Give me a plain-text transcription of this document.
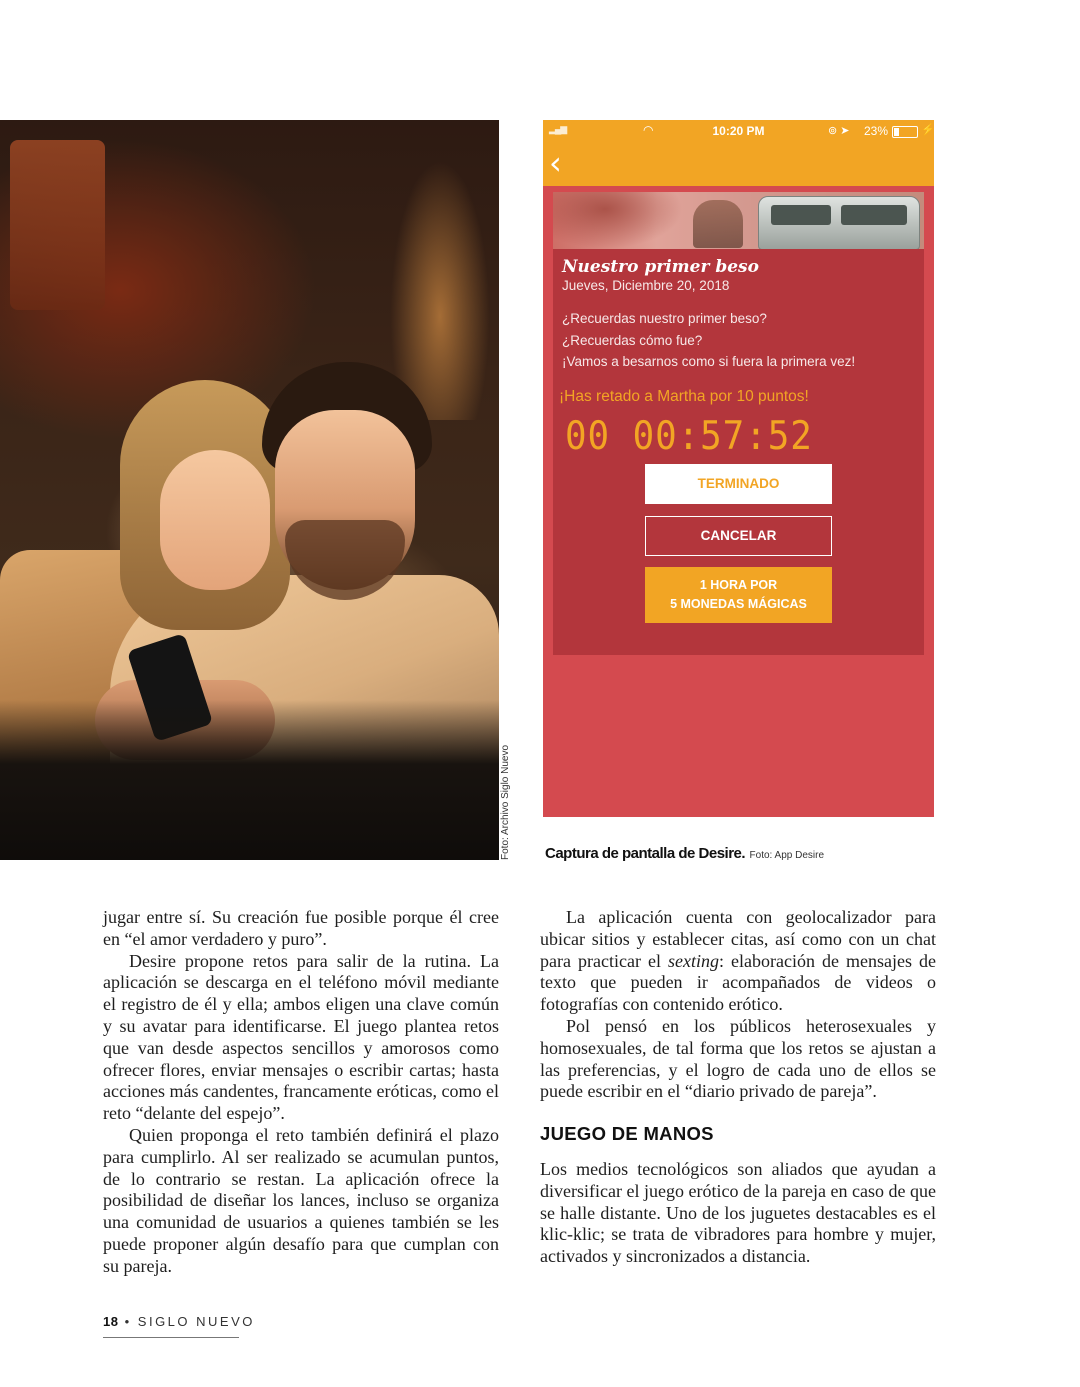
Foto: Archivo Siglo Nuevo
▂▄▆	◠	10:20 PM	⊚ ➤ 23%	⚡
‹
Nuestro primer beso
Jueves, Diciembre 20, 2018
¿Recuerdas nuestro primer beso?
¿Recuerdas cómo fue?
¡Vamos a besarnos como si fuera la primera vez!
¡Has retado a Martha por 10 puntos!
00 00:57:52
TERMINADO
CANCELAR
1 HORA POR
5 MONEDAS MÁGICAS
Captura de pantalla de Desire. Foto: App Desire

jugar entre sí. Su creación fue posible porque él cree en “el amor verdadero y puro”.

Desire propone retos para salir de la rutina. La aplicación se descarga en el teléfono móvil mediante el registro de él y ella; ambos eligen una clave común y su avatar para identificarse. El juego plantea retos que van desde aspectos sencillos y amorosos como ofrecer flores, enviar mensajes o escribir cartas; hasta acciones más candentes, francamente eróticas, como el reto “delante del espejo”.

Quien proponga el reto también definirá el plazo para cumplirlo. Al ser realizado se acumulan puntos, de lo contrario se restan. La aplicación ofrece la posibilidad de diseñar los lances, incluso se organiza una comunidad de usuarios a quienes también se les puede proponer algún desafío para que cumplan con su pareja.

La aplicación cuenta con geolocalizador para ubicar sitios y establecer citas, así como con un chat para practicar el sexting: elaboración de mensajes de texto que pueden ir acompañados de videos o fotografías con contenido erótico.

Pol pensó en los públicos heterosexuales y homosexuales, de tal forma que los retos se ajustan a las preferencias, y el logro de cada uno de ellos se puede escribir en el “diario privado de pareja”.

JUEGO DE MANOS

Los medios tecnológicos son aliados que ayudan a diversificar el juego erótico de la pareja en caso de que se halle distante. Uno de los juguetes destacables es el klic-klic; se trata de vibradores para hombre y mujer, activados y sincronizados a distancia.

18 • SIGLO NUEVO
